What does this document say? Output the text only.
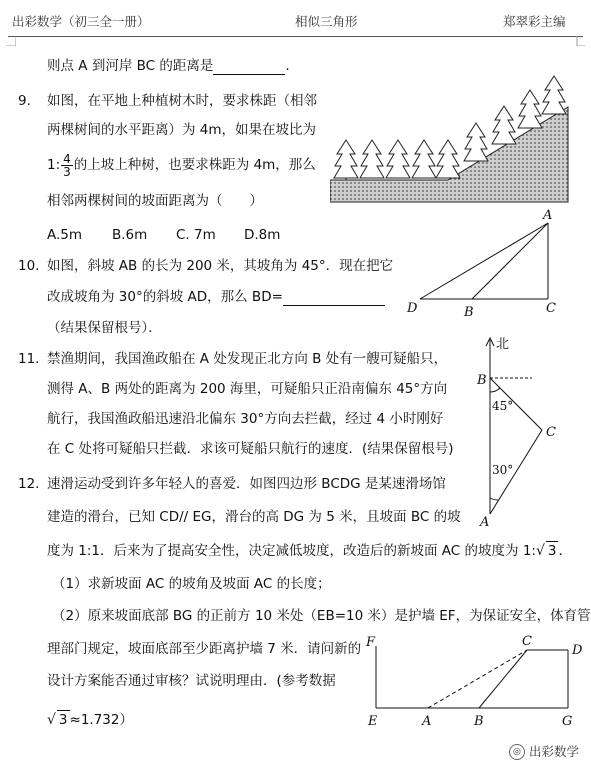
出彩数学（初三全一册）	相似三角形	郑翠彩主编
则点 A 到河岸 BC 的距离是	.
9. 如图，在平地上种植树木时，要求株距（相邻
两棵树间的水平距离）为 4m，如果在坡比为
1: $\frac{4}{3}$ 的上坡上种树，也要求株距为 4m，那么
相邻两棵树间的坡面距离为（　　）
A.5m B.6m C. 7m D.8m
10. 如图，斜坡 AB 的长为 200 米，其坡角为 45°．现在把它
改成坡角为 30°的斜坡 AD，那么 BD=
（结果保留根号）．
A
D	B	C
11. 禁渔期间，我国渔政船在 A 处发现正北方向 B 处有一艘可疑船只，
测得 A、B 两处的距离为 200 海里，可疑船只正沿南偏东 45°方向
航行，我国渔政船迅速沿北偏东 30°方向去拦截，经过 4 小时刚好
在 C 处将可疑船只拦截．求该可疑船只航行的速度．(结果保留根号)
北
B
45°
C
30°
A
12. 速滑运动受到许多年轻人的喜爱．如图四边形 BCDG 是某速滑场馆
建造的滑台，已知 CD// EG，滑台的高 DG 为 5 米，且坡面 BC 的坡
度为 1:1．后来为了提高安全性，决定减低坡度，改造后的新坡面 AC 的坡度为 1:√ 3 ．
（1）求新坡面 AC 的坡角及坡面 AC 的长度；
（2）原来坡面底部 BG 的正前方 10 米处（EB=10 米）是护墙 EF，为保证安全，体育管
理部门规定，坡面底部至少距离护墙 7 米．请问新的
设计方案能否通过审核？试说明理由．(参考数据
√ 3 ≈1.732）
F	C
D
E	A	B	G
◎ 出彩数学
